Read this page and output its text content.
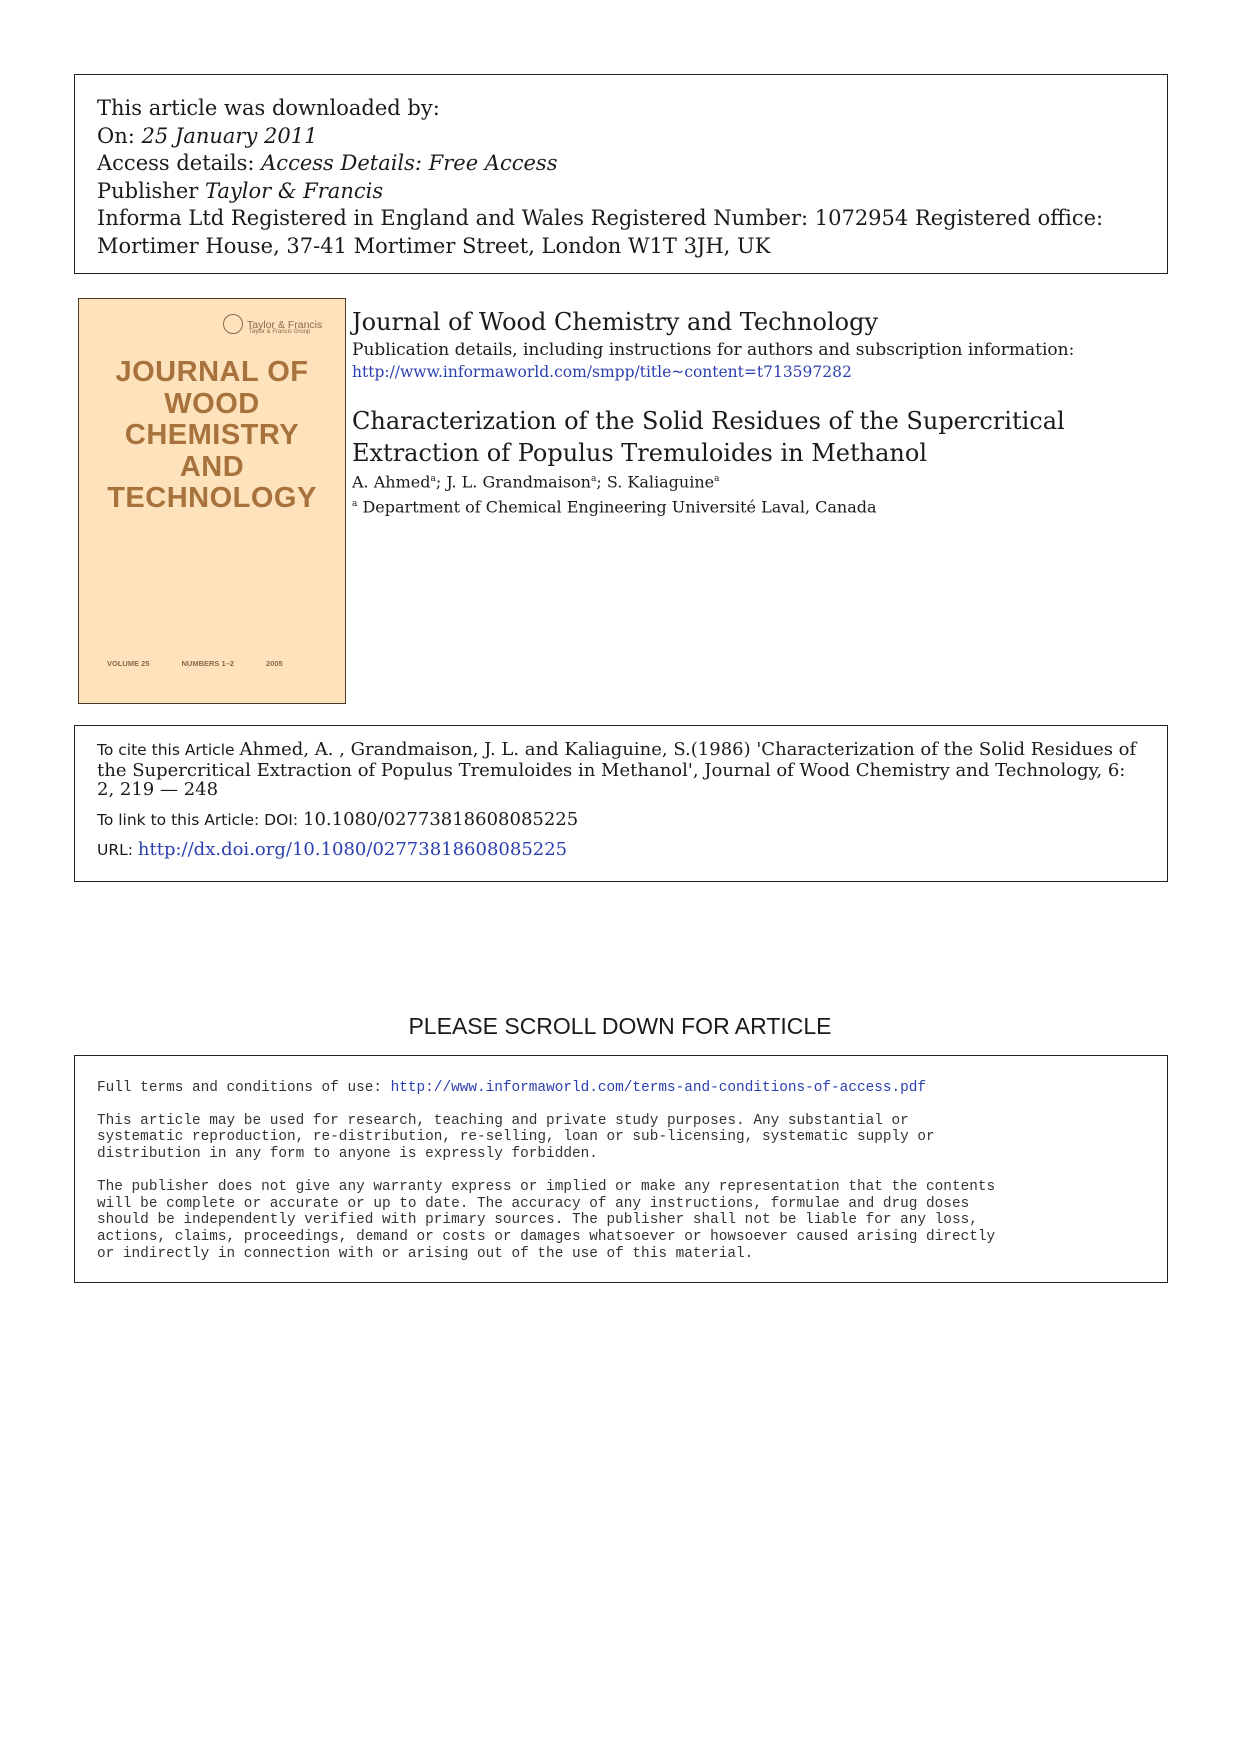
This article was downloaded by:
On: 25 January 2011
Access details: Access Details: Free Access
Publisher Taylor & Francis
Informa Ltd Registered in England and Wales Registered Number: 1072954 Registered office: Mortimer House, 37-41 Mortimer Street, London W1T 3JH, UK
Taylor & Francis
Taylor & Francis Group
JOURNAL OF
WOOD
CHEMISTRY
AND
TECHNOLOGY
VOLUME 25	NUMBERS 1–2	2005
Journal of Wood Chemistry and Technology
Publication details, including instructions for authors and subscription information:
http://www.informaworld.com/smpp/title~content=t713597282
Characterization of the Solid Residues of the Supercritical Extraction of Populus Tremuloides in Methanol
A. Ahmed$^a$; J. L. Grandmaison$^a$; S. Kaliaguine$^a$
$^a$ Department of Chemical Engineering Université Laval, Canada
To cite this Article Ahmed, A. , Grandmaison, J. L. and Kaliaguine, S.(1986) 'Characterization of the Solid Residues of the Supercritical Extraction of Populus Tremuloides in Methanol', Journal of Wood Chemistry and Technology, 6: 2, 219 — 248
To link to this Article: DOI: 10.1080/02773818608085225
URL: http://dx.doi.org/10.1080/02773818608085225
PLEASE SCROLL DOWN FOR ARTICLE

Full terms and conditions of use: http://www.informaworld.com/terms-and-conditions-of-access.pdf

This article may be used for research, teaching and private study purposes. Any substantial or
systematic reproduction, re-distribution, re-selling, loan or sub-licensing, systematic supply or
distribution in any form to anyone is expressly forbidden.

The publisher does not give any warranty express or implied or make any representation that the contents
will be complete or accurate or up to date. The accuracy of any instructions, formulae and drug doses
should be independently verified with primary sources. The publisher shall not be liable for any loss,
actions, claims, proceedings, demand or costs or damages whatsoever or howsoever caused arising directly
or indirectly in connection with or arising out of the use of this material.
